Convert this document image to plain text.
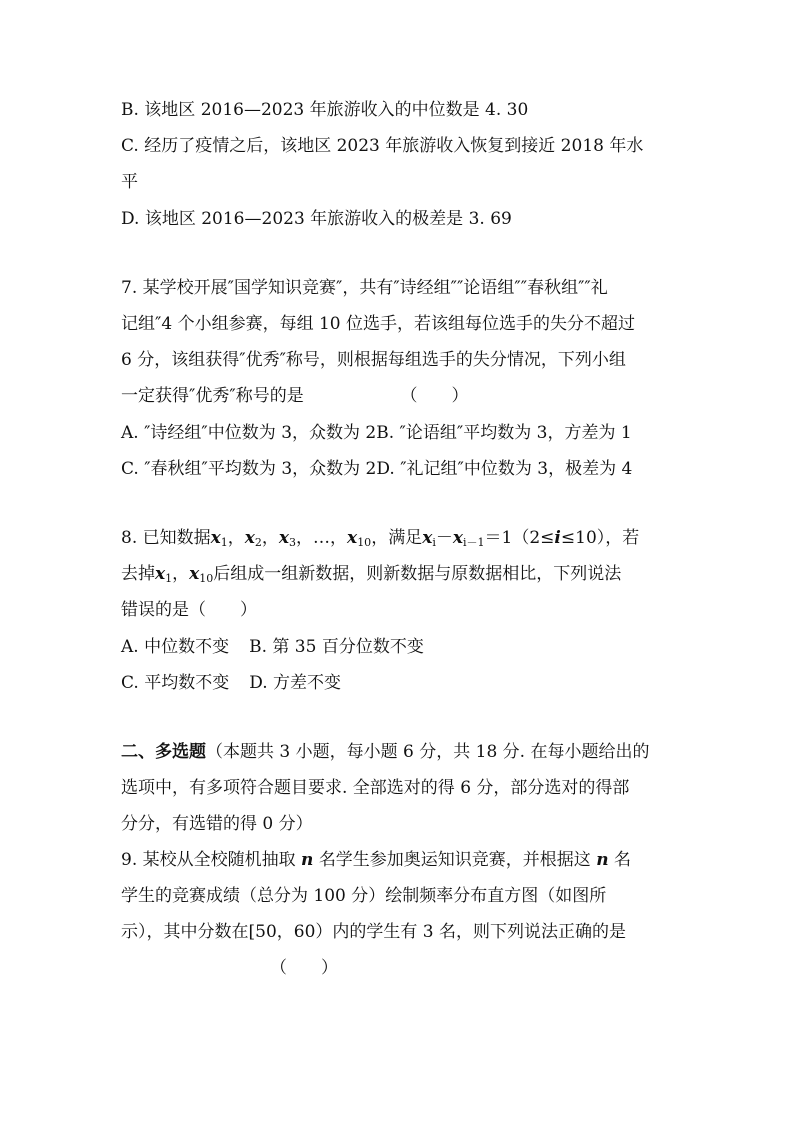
B. 该地区 2016—2023 年旅游收入的中位数是 4. 30
C. 经历了疫情之后，该地区 2023 年旅游收入恢复到接近 2018 年水
平
D. 该地区 2016—2023 年旅游收入的极差是 3. 69
7. 某学校开展″国学知识竞赛″，共有″诗经组″″论语组″″春秋组″″礼
记组″4 个小组参赛，每组 10 位选手，若该组每位选手的失分不超过
6 分，该组获得″优秀″称号，则根据每组选手的失分情况，下列小组
一定获得″优秀″称号的是	（　　）
A. ″诗经组″中位数为 3，众数为 2B. ″论语组″平均数为 3，方差为 1
C. ″春秋组″平均数为 3，众数为 2D. ″礼记组″中位数为 3，极差为 4
8. 已知数据$x_1$，$x_2$，$x_3$，…，$x_{10}$，满足$x_i-x_{i-1}=1(2\le i\le 10)$，若
去掉$x_1$，$x_{10}$后组成一组新数据，则新数据与原数据相比，下列说法
错误的是（　　）
A. 中位数不变 B. 第 35 百分位数不变
C. 平均数不变 D. 方差不变
二、多选题（本题共 3 小题，每小题 6 分，共 18 分. 在每小题给出的
选项中，有多项符合题目要求. 全部选对的得 6 分，部分选对的得部
分分，有选错的得 0 分）
9. 某校从全校随机抽取 n 名学生参加奥运知识竞赛，并根据这 n 名
学生的竞赛成绩（总分为 100 分）绘制频率分布直方图（如图所
示），其中分数在[50，60）内的学生有 3 名，则下列说法正确的是
（　　）
